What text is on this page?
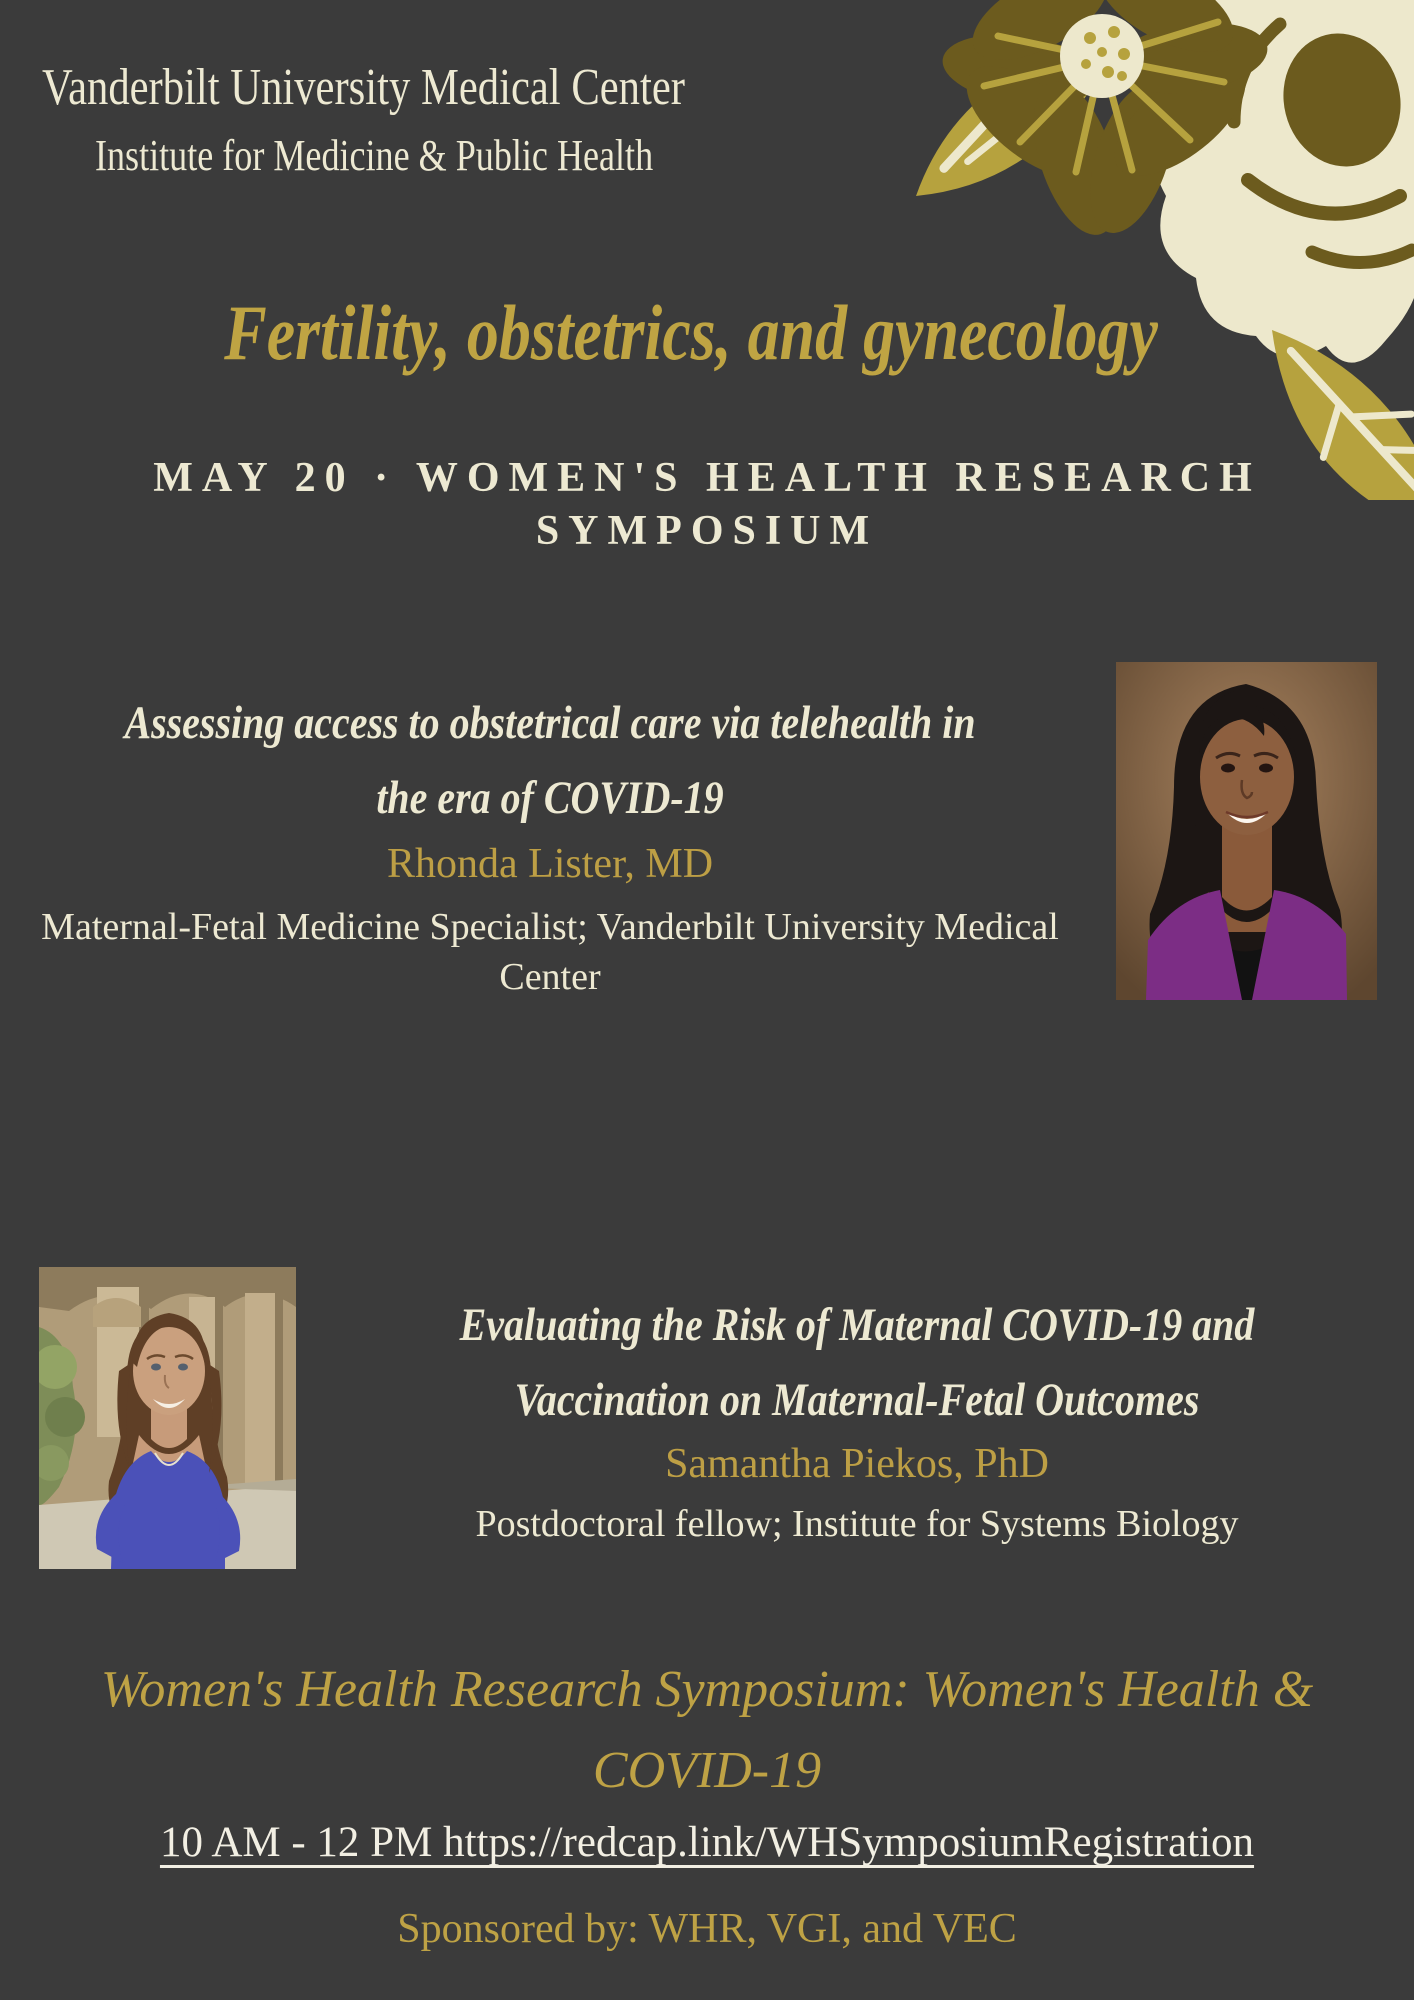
Vanderbilt University Medical Center
Institute for Medicine & Public Health
Fertility, obstetrics, and gynecology
MAY 20 · WOMEN'S HEALTH RESEARCH
SYMPOSIUM
Assessing access to obstetrical care via telehealth in
the era of COVID-19
Rhonda Lister, MD
Maternal-Fetal Medicine Specialist; Vanderbilt University Medical
Center
Evaluating the Risk of Maternal COVID-19 and
Vaccination on Maternal-Fetal Outcomes
Samantha Piekos, PhD
Postdoctoral fellow; Institute for Systems Biology
Women's Health Research Symposium: Women's Health &
COVID-19
10 AM - 12 PM https://redcap.link/WHSymposiumRegistration
Sponsored by: WHR, VGI, and VEC
